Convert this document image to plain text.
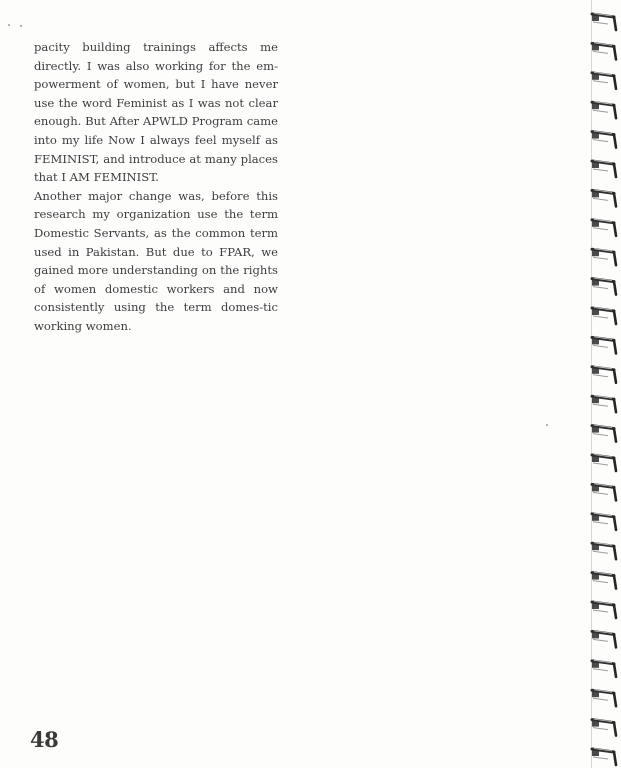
pacity building trainings affects me directly. I was also working for the em-powerment of women, but I have never use the word Feminist as I was not clear enough. But After APWLD Program came into my life Now I always feel myself as FEMINIST, and introduce at many places that I AM FEMINIST.

Another major change was, before this research my organization use the term Domestic Servants, as the common term used in Pakistan. But due to FPAR, we gained more understanding on the rights of women domestic workers and now consistently using the term domes-tic working women.

48
